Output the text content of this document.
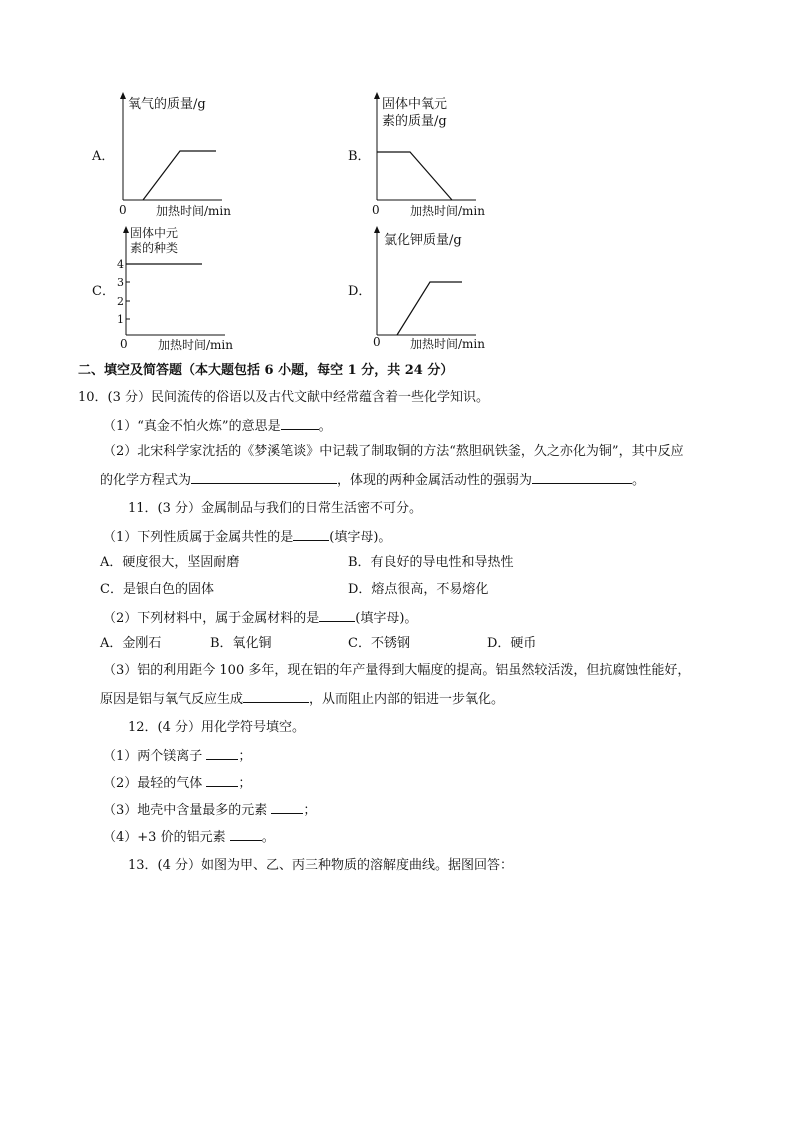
A．
氧气的质量/g
0 加热时间/min
B．
固体中氧元
素的质量/g
0	加热时间/min
C．
4
3
2
1
固体中元
素的种类
0	加热时间/min
D．
氯化钾质量/g
0 加热时间/min
二、填空及简答题（本大题包括 6 小题，每空 1 分，共 24 分）
10．(3 分）民间流传的俗语以及古代文献中经常蕴含着一些化学知识。
（1）“真金不怕火炼”的意思是	。
（2）北宋科学家沈括的《梦溪笔谈》中记载了制取铜的方法“熬胆矾铁釜，久之亦化为铜”，其中反应
的化学方程式为	，体现的两种金属活动性的强弱为	。
11．(3 分）金属制品与我们的日常生活密不可分。
（1）下列性质属于金属共性的是	(填字母)。
A．硬度很大，坚固耐磨	B．有良好的导电性和导热性
C．是银白色的固体	D．熔点很高，不易熔化
（2）下列材料中，属于金属材料的是	(填字母)。
A．金刚石	B．氧化铜	C．不锈钢	D．硬币
（3）铝的利用距今 100 多年，现在铝的年产量得到大幅度的提高。铝虽然较活泼，但抗腐蚀性能好，
原因是铝与氧气反应生成	，从而阻止内部的铝进一步氧化。
12．(4 分）用化学符号填空。
（1）两个镁离子 ；
（2）最轻的气体 ；
（3）地壳中含量最多的元素 ；
（4）+3 价的铝元素 。
13．(4 分）如图为甲、乙、丙三种物质的溶解度曲线。据图回答：
